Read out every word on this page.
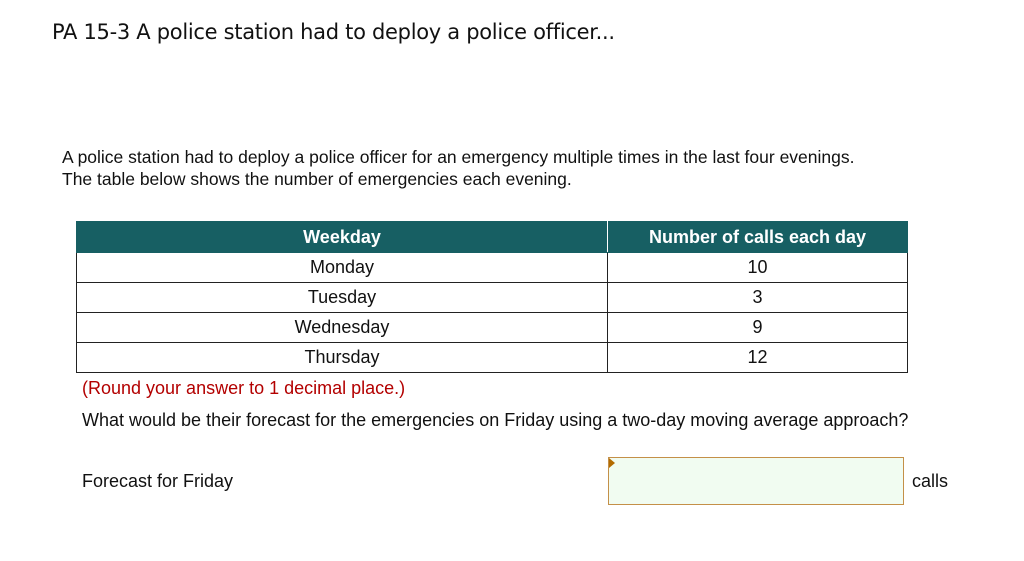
PA 15-3 A police station had to deploy a police officer...
A police station had to deploy a police officer for an emergency multiple times in the last four evenings.
The table below shows the number of emergencies each evening.
Weekday	Number of calls each day
Monday	10
Tuesday	3
Wednesday	9
Thursday	12
(Round your answer to 1 decimal place.)
What would be their forecast for the emergencies on Friday using a two-day moving average approach?
Forecast for Friday	calls
